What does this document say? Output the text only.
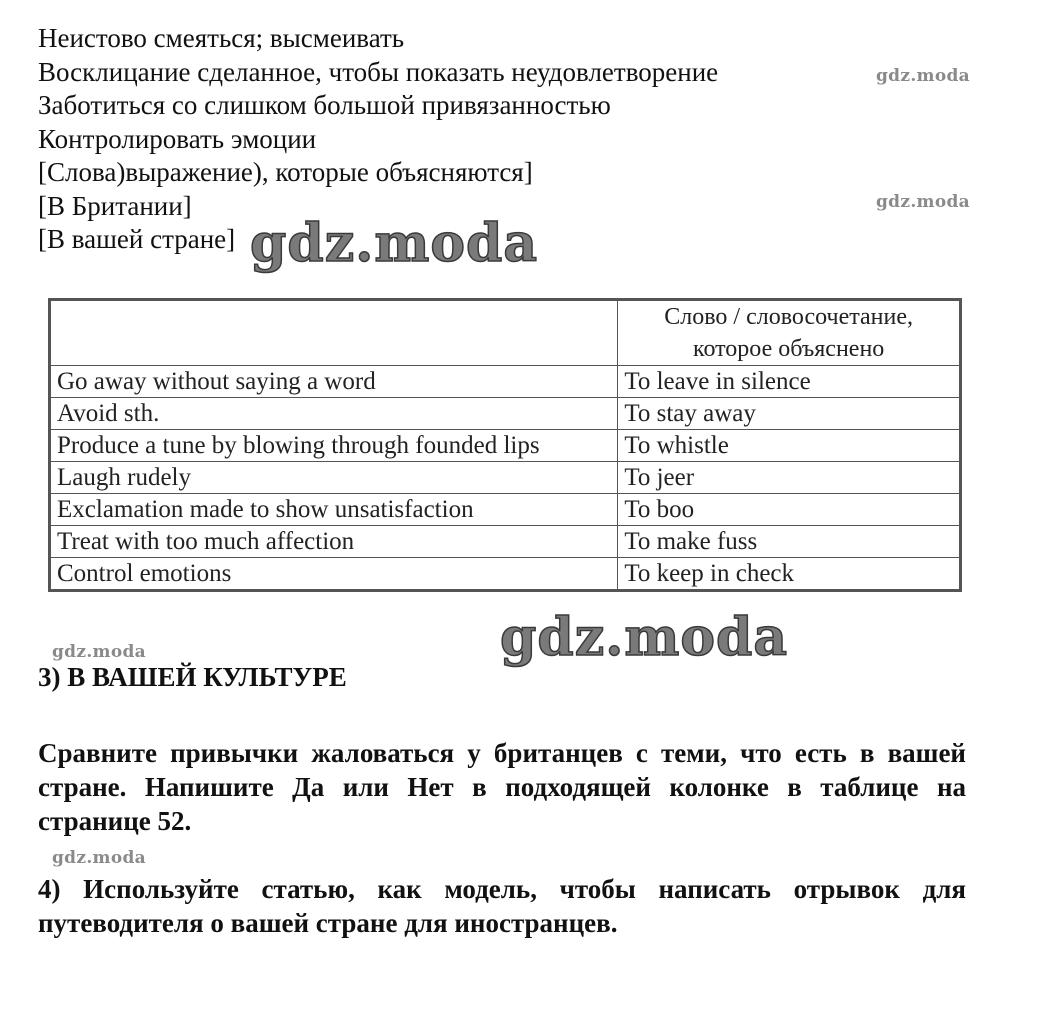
Неистово смеяться; высмеивать
Восклицание сделанное, чтобы показать неудовлетворение
Заботиться со слишком большой привязанностью
Контролировать эмоции
[Слова)выражение), которые объясняются]
[В Британии]
[В вашей стране]
gdz.moda
gdz.moda
gdz.moda
	Слово / словосочетание, которое объяснено
Go away without saying a word	To leave in silence
Avoid sth.	To stay away
Produce a tune by blowing through founded lips	To whistle
Laugh rudely	To jeer
Exclamation made to show unsatisfaction	To boo
Treat with too much affection	To make fuss
Control emotions	To keep in check
gdz.moda	gdz.moda
3) В ВАШЕЙ КУЛЬТУРЕ
Сравните привычки жаловаться у британцев с теми, что есть в вашей стране. Напишите Да или Нет в подходящей колонке в таблице на странице 52.
gdz.moda
4) Используйте статью, как модель, чтобы написать отрывок для путеводителя о вашей стране для иностранцев.
